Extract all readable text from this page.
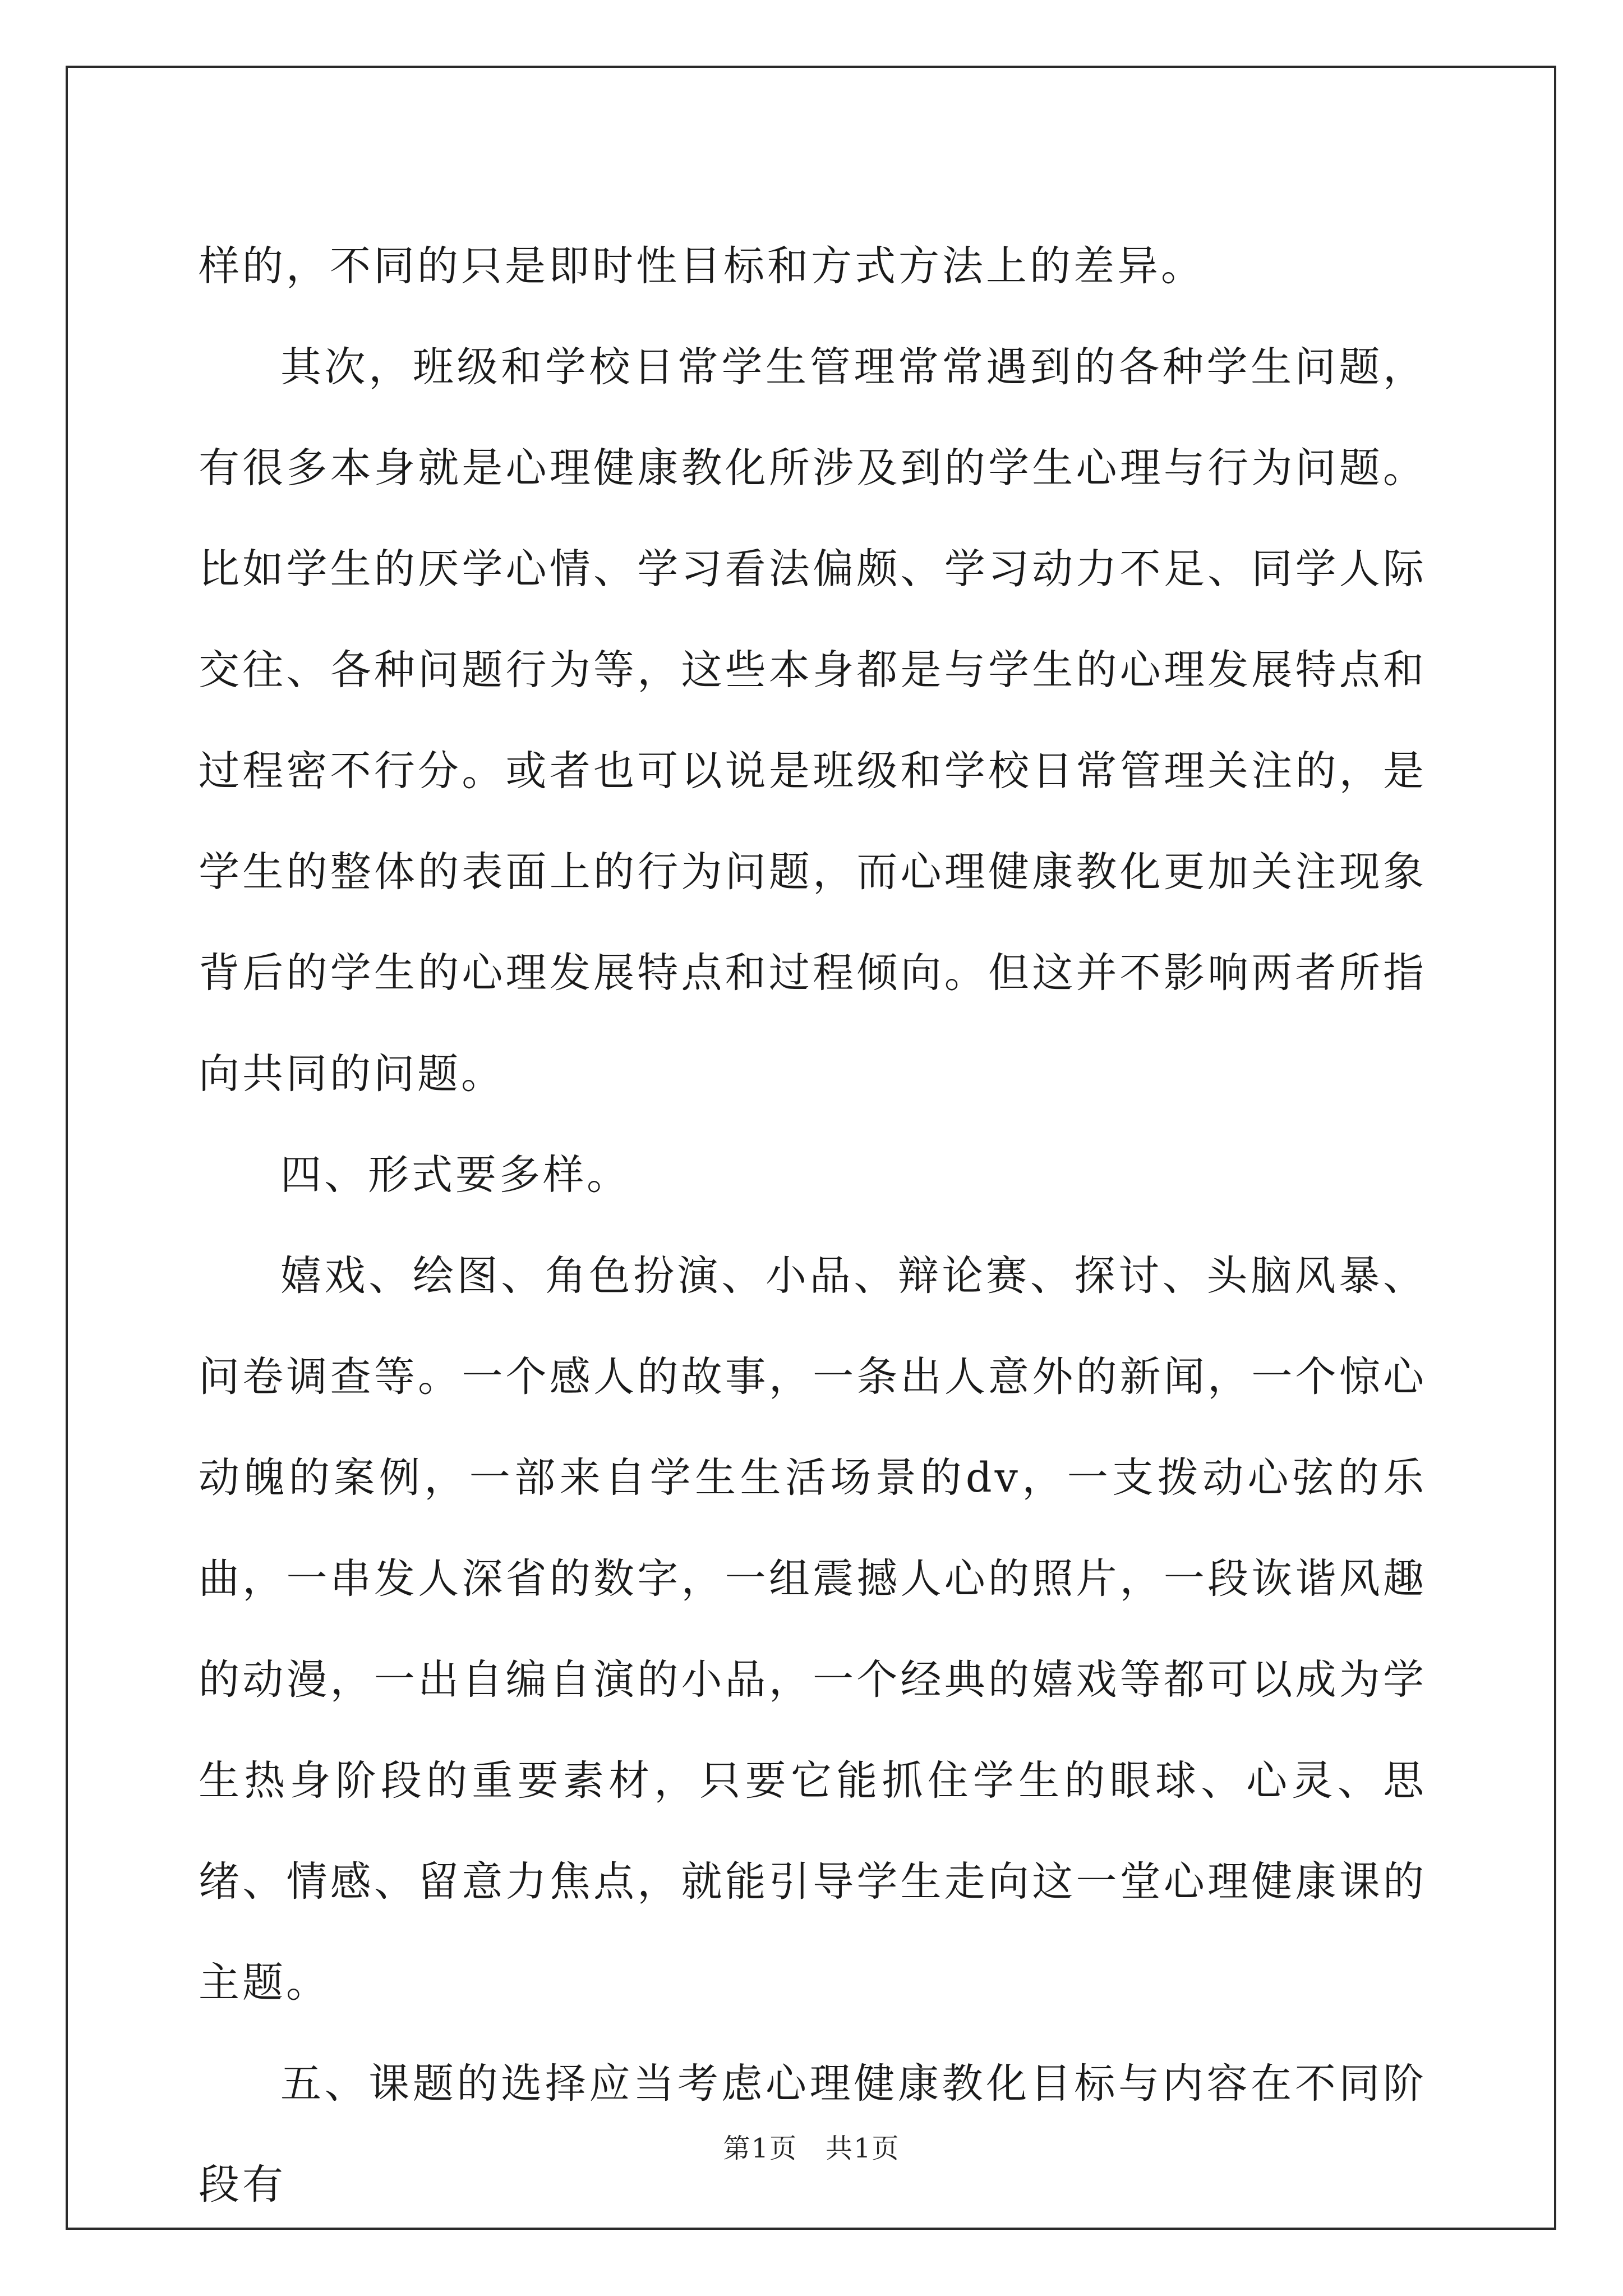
样的，不同的只是即时性目标和方式方法上的差异。

其次，班级和学校日常学生管理常常遇到的各种学生问题，有很多本身就是心理健康教化所涉及到的学生心理与行为问题。比如学生的厌学心情、学习看法偏颇、学习动力不足、同学人际交往、各种问题行为等，这些本身都是与学生的心理发展特点和过程密不行分。或者也可以说是班级和学校日常管理关注的，是学生的整体的表面上的行为问题，而心理健康教化更加关注现象背后的学生的心理发展特点和过程倾向。但这并不影响两者所指向共同的问题。

四、形式要多样。

嬉戏、绘图、角色扮演、小品、辩论赛、探讨、头脑风暴、问卷调查等。一个感人的故事，一条出人意外的新闻，一个惊心动魄的案例，一部来自学生生活场景的dv，一支拨动心弦的乐曲，一串发人深省的数字，一组震撼人心的照片，一段诙谐风趣的动漫，一出自编自演的小品，一个经典的嬉戏等都可以成为学生热身阶段的重要素材，只要它能抓住学生的眼球、心灵、思绪、情感、留意力焦点，就能引导学生走向这一堂心理健康课的主题。

五、课题的选择应当考虑心理健康教化目标与内容在不同阶段有

第1页　共1页
